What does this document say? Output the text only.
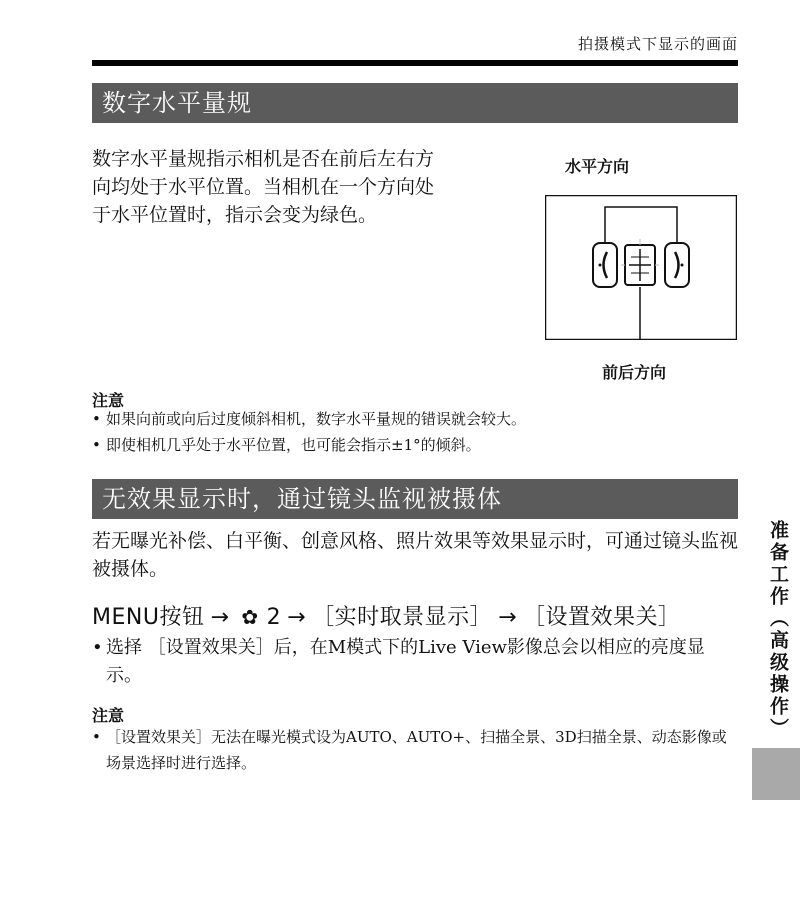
拍摄模式下显示的画面
数字水平量规
数字水平量规指示相机是否在前后左右方向均处于水平位置。当相机在一个方向处于水平位置时，指示会变为绿色。
水平方向
前后方向
注意
• 如果向前或向后过度倾斜相机，数字水平量规的错误就会较大。
• 即使相机几乎处于水平位置，也可能会指示±1°的倾斜。
无效果显示时，通过镜头监视被摄体
若无曝光补偿、白平衡、创意风格、照片效果等效果显示时，可通过镜头监视被摄体。
MENU按钮 → ✿ 2 → ［实时取景显示］ → ［设置效果关］
• 选择 ［设置效果关］后，在M模式下的Live View影像总会以相应的亮度显示。
注意
• ［设置效果关］无法在曝光模式设为AUTO、AUTO+、扫描全景、3D扫描全景、动态影像或场景选择时进行选择。
准备工作（高级操作）
